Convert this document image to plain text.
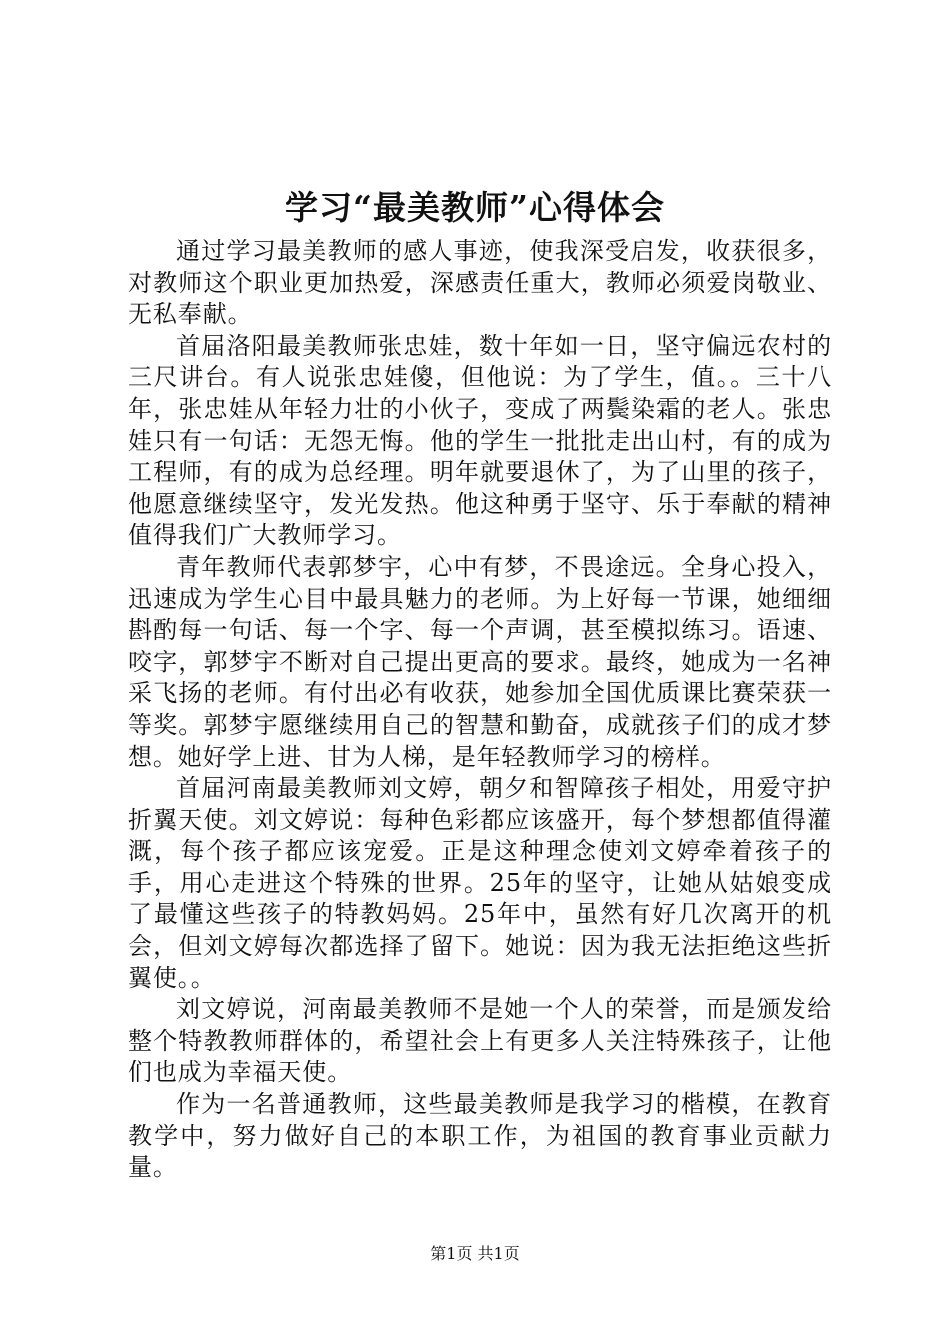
学习“最美教师”心得体会

通过学习最美教师的感人事迹，使我深受启发，收获很多，对教师这个职业更加热爱，深感责任重大，教师必须爱岗敬业、无私奉献。

首届洛阳最美教师张忠娃，数十年如一日，坚守偏远农村的三尺讲台。有人说张忠娃傻，但他说：为了学生，值。。三十八年，张忠娃从年轻力壮的小伙子，变成了两鬓染霜的老人。张忠娃只有一句话：无怨无悔。他的学生一批批走出山村，有的成为工程师，有的成为总经理。明年就要退休了，为了山里的孩子，他愿意继续坚守，发光发热。他这种勇于坚守、乐于奉献的精神值得我们广大教师学习。

青年教师代表郭梦宇，心中有梦，不畏途远。全身心投入，迅速成为学生心目中最具魅力的老师。为上好每一节课，她细细斟酌每一句话、每一个字、每一个声调，甚至模拟练习。语速、咬字，郭梦宇不断对自己提出更高的要求。最终，她成为一名神采飞扬的老师。有付出必有收获，她参加全国优质课比赛荣获一等奖。郭梦宇愿继续用自己的智慧和勤奋，成就孩子们的成才梦想。她好学上进、甘为人梯，是年轻教师学习的榜样。

首届河南最美教师刘文婷，朝夕和智障孩子相处，用爱守护折翼天使。刘文婷说：每种色彩都应该盛开，每个梦想都值得灌溉，每个孩子都应该宠爱。正是这种理念使刘文婷牵着孩子的手，用心走进这个特殊的世界。25年的坚守，让她从姑娘变成了最懂这些孩子的特教妈妈。25年中，虽然有好几次离开的机会，但刘文婷每次都选择了留下。她说：因为我无法拒绝这些折翼使。。

刘文婷说，河南最美教师不是她一个人的荣誉，而是颁发给整个特教教师群体的，希望社会上有更多人关注特殊孩子，让他们也成为幸福天使。

作为一名普通教师，这些最美教师是我学习的楷模，在教育教学中，努力做好自己的本职工作，为祖国的教育事业贡献力量。

第1页 共1页
